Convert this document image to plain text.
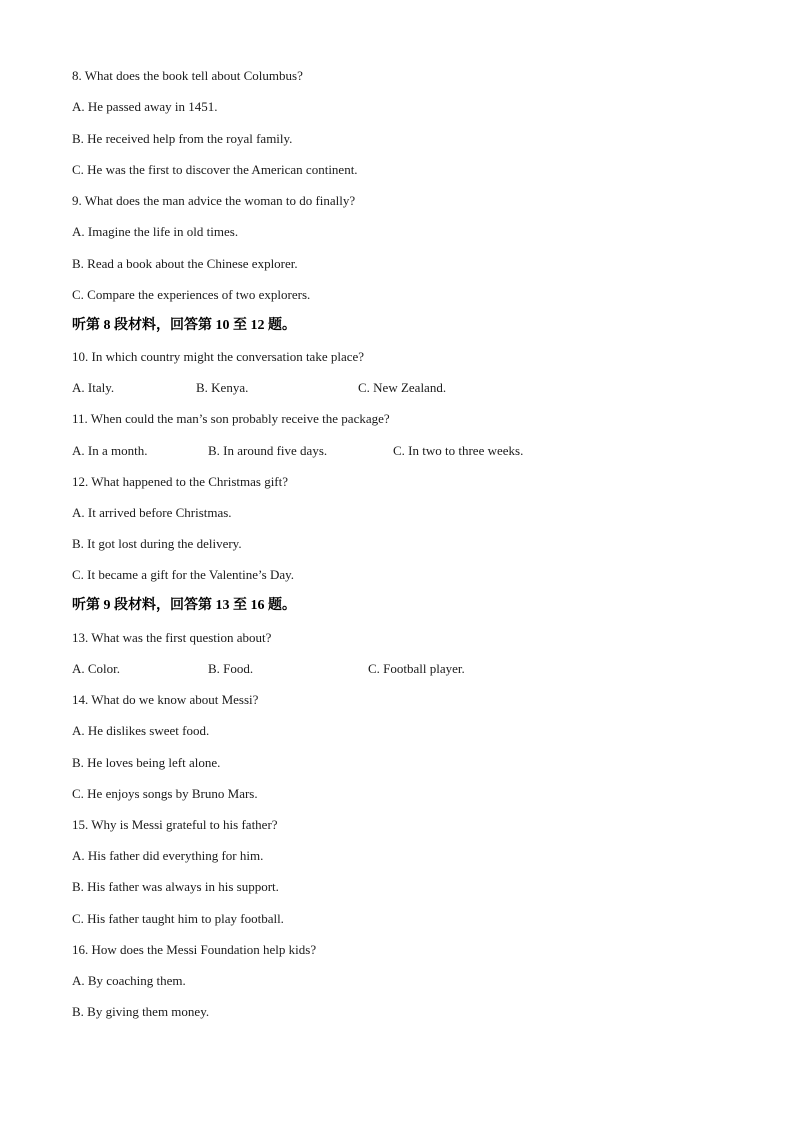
8. What does the book tell about Columbus?
A. He passed away in 1451.
B. He received help from the royal family.
C. He was the first to discover the American continent.
9. What does the man advice the woman to do finally?
A. Imagine the life in old times.
B. Read a book about the Chinese explorer.
C. Compare the experiences of two explorers.
听第 8 段材料，回答第 10 至 12 题。
10. In which country might the conversation take place?
A. Italy.	B. Kenya.	C. New Zealand.
11. When could the man’s son probably receive the package?
A. In a month.	B. In around five days.	C. In two to three weeks.
12. What happened to the Christmas gift?
A. It arrived before Christmas.
B. It got lost during the delivery.
C. It became a gift for the Valentine’s Day.
听第 9 段材料，回答第 13 至 16 题。
13. What was the first question about?
A. Color.	B. Food.	C. Football player.
14. What do we know about Messi?
A. He dislikes sweet food.
B. He loves being left alone.
C. He enjoys songs by Bruno Mars.
15. Why is Messi grateful to his father?
A. His father did everything for him.
B. His father was always in his support.
C. His father taught him to play football.
16. How does the Messi Foundation help kids?
A. By coaching them.
B. By giving them money.
